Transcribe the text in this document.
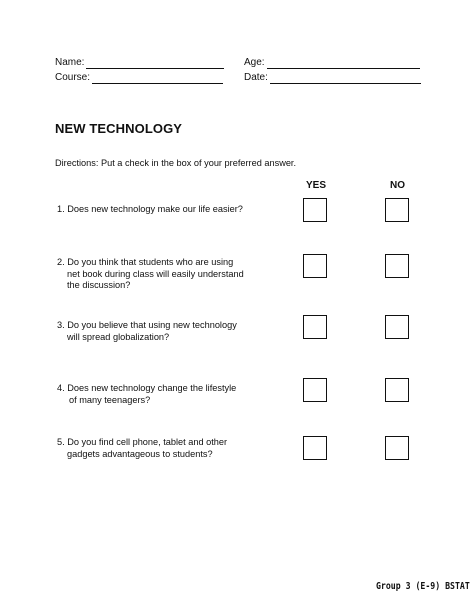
Name:
Course:
Age:
Date:
NEW TECHNOLOGY
Directions: Put a check in the box of your preferred answer.
YES	NO
1. Does new technology make our life easier?
2. Do you think that students who are using
net book during class will easily understand
the discussion?
3. Do you believe that using new technology
will spread globalization?
4. Does new technology change the lifestyle
of many teenagers?
5. Do you find cell phone, tablet and other
gadgets advantageous to students?
Group 3 (E-9) BSTAT
